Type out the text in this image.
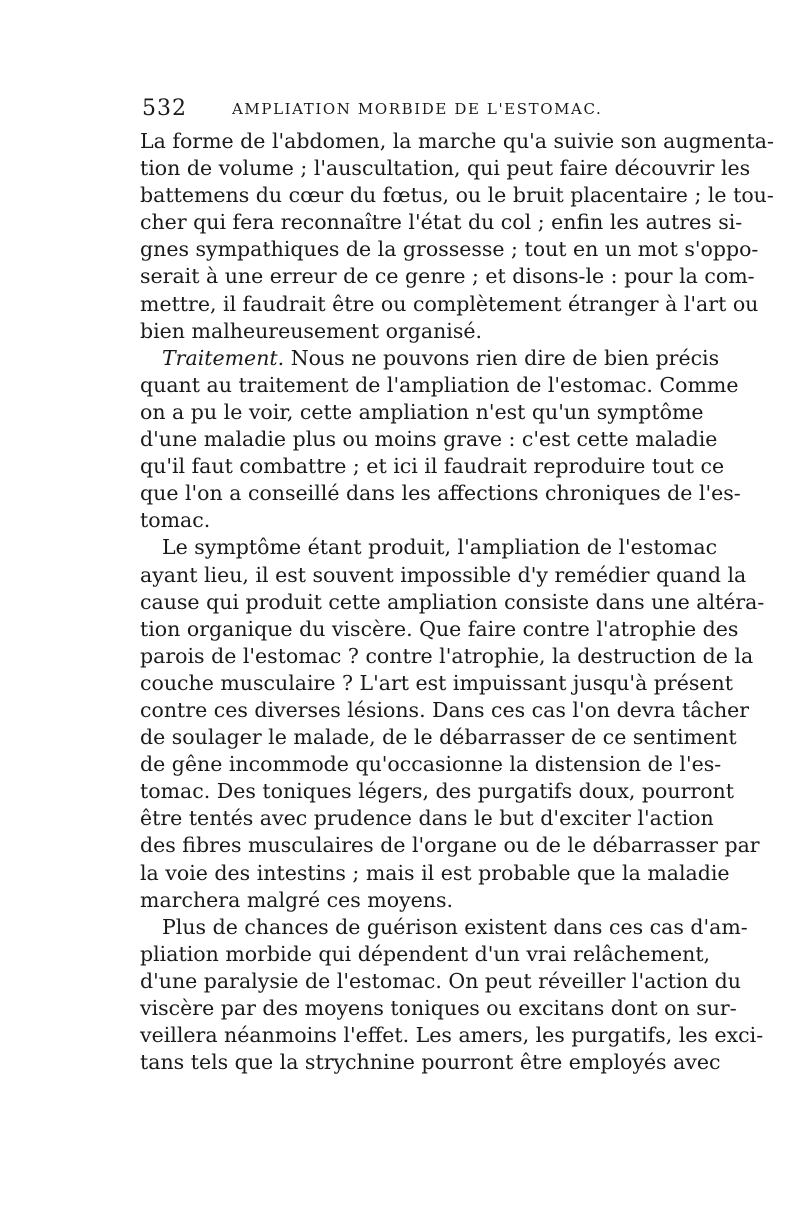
532	AMPLIATION MORBIDE DE L'ESTOMAC.
La forme de l'abdomen, la marche qu'a suivie son augmenta-
tion de volume ; l'auscultation, qui peut faire découvrir les
battemens du cœur du fœtus, ou le bruit placentaire ; le tou-
cher qui fera reconnaître l'état du col ; enfin les autres si-
gnes sympathiques de la grossesse ; tout en un mot s'oppo-
serait à une erreur de ce genre ; et disons-le : pour la com-
mettre, il faudrait être ou complètement étranger à l'art ou
bien malheureusement organisé.
Traitement. Nous ne pouvons rien dire de bien précis
quant au traitement de l'ampliation de l'estomac. Comme
on a pu le voir, cette ampliation n'est qu'un symptôme
d'une maladie plus ou moins grave : c'est cette maladie
qu'il faut combattre ; et ici il faudrait reproduire tout ce
que l'on a conseillé dans les affections chroniques de l'es-
tomac.
Le symptôme étant produit, l'ampliation de l'estomac
ayant lieu, il est souvent impossible d'y remédier quand la
cause qui produit cette ampliation consiste dans une altéra-
tion organique du viscère. Que faire contre l'atrophie des
parois de l'estomac ? contre l'atrophie, la destruction de la
couche musculaire ? L'art est impuissant jusqu'à présent
contre ces diverses lésions. Dans ces cas l'on devra tâcher
de soulager le malade, de le débarrasser de ce sentiment
de gêne incommode qu'occasionne la distension de l'es-
tomac. Des toniques légers, des purgatifs doux, pourront
être tentés avec prudence dans le but d'exciter l'action
des fibres musculaires de l'organe ou de le débarrasser par
la voie des intestins ; mais il est probable que la maladie
marchera malgré ces moyens.
Plus de chances de guérison existent dans ces cas d'am-
pliation morbide qui dépendent d'un vrai relâchement,
d'une paralysie de l'estomac. On peut réveiller l'action du
viscère par des moyens toniques ou excitans dont on sur-
veillera néanmoins l'effet. Les amers, les purgatifs, les exci-
tans tels que la strychnine pourront être employés avec
